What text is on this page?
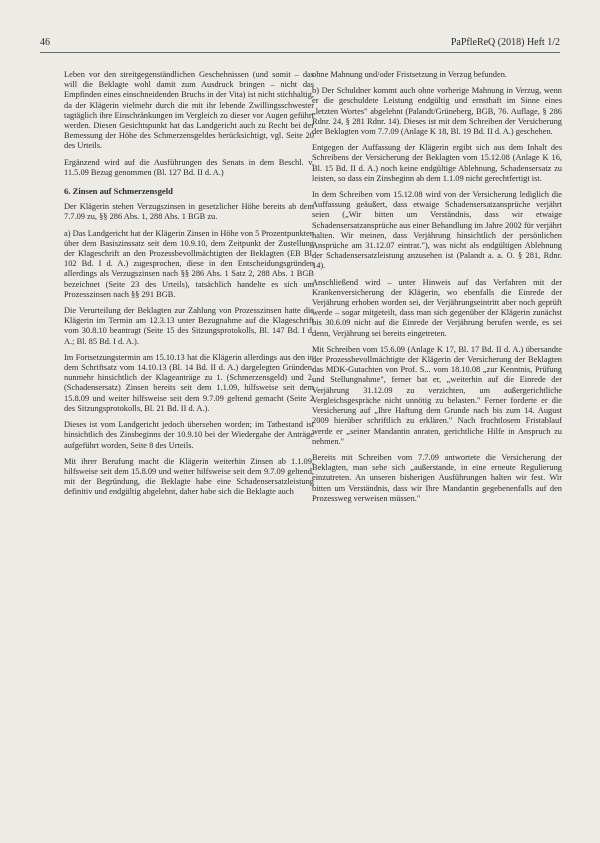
46	PaPfleReQ (2018) Heft 1/2

Leben vor den streitgegenständlichen Geschehnissen (und somit – das will die Beklagte wohl damit zum Ausdruck bringen – nicht das Empfinden eines einschneidenden Bruchs in der Vita) ist nicht stichhaltig, da der Klägerin vielmehr durch die mit ihr lebende Zwillingsschwester tagtäglich ihre Einschränkungen im Vergleich zu dieser vor Augen geführt werden. Diesen Gesichtspunkt hat das Landgericht auch zu Recht bei der Bemessung der Höhe des Schmerzensgeldes berücksichtigt, vgl. Seite 20 des Urteils.

Ergänzend wird auf die Ausführungen des Senats in dem Beschl. v. 11.5.09 Bezug genommen (Bl. 127 Bd. II d. A.)

6. Zinsen auf Schmerzensgeld

Der Klägerin stehen Verzugszinsen in gesetzlicher Höhe bereits ab dem 7.7.09 zu, §§ 286 Abs. 1, 288 Abs. 1 BGB zu.

a) Das Landgericht hat der Klägerin Zinsen in Höhe von 5 Prozentpunkten über dem Basiszinssatz seit dem 10.9.10, dem Zeitpunkt der Zustellung der Klageschrift an den Prozessbevollmächtigten der Beklagten (EB Bl. 102 Bd. I d. A.) zugesprochen, diese in den Entscheidungsgründen allerdings als Verzugszinsen nach §§ 286 Abs. 1 Satz 2, 288 Abs. 1 BGB bezeichnet (Seite 23 des Urteils), tatsächlich handelte es sich um Prozesszinsen nach §§ 291 BGB.

Die Verurteilung der Beklagten zur Zahlung von Prozesszinsen hatte die Klägerin im Termin am 12.3.13 unter Bezugnahme auf die Klageschrift vom 30.8.10 beantragt (Seite 15 des Sitzungsprotokolls, Bl. 147 Bd. I d. A.; Bl. 85 Bd. I d. A.).

Im Fortsetzungstermin am 15.10.13 hat die Klägerin allerdings aus den in dem Schriftsatz vom 14.10.13 (Bl. 14 Bd. II d. A.) dargelegten Gründen, nunmehr hinsichtlich der Klageanträge zu 1. (Schmerzensgeld) und 2. (Schadensersatz) Zinsen bereits seit dem 1.1.09, hilfsweise seit dem 15.8.09 und weiter hilfsweise seit dem 9.7.09 geltend gemacht (Seite 2 des Sitzungsprotokolls, Bl. 21 Bd. II d. A.).

Dieses ist vom Landgericht jedoch übersehen worden; im Tatbestand ist hinsichtlich des Zinsbeginns der 10.9.10 bei der Wiedergabe der Anträge aufgeführt worden, Seite 8 des Urteils.

Mit ihrer Berufung macht die Klägerin weiterhin Zinsen ab 1.1.09, hilfsweise seit dem 15.8.09 und weiter hilfsweise seit dem 9.7.09 geltend, mit der Begründung, die Beklagte habe eine Schadensersatzleistung definitiv und endgültig abgelehnt, daher habe sich die Beklagte auch

ohne Mahnung und/oder Fristsetzung in Verzug befunden.

b) Der Schuldner kommt auch ohne vorherige Mahnung in Verzug, wenn er die geschuldete Leistung endgültig und ernsthaft im Sinne eines „letzten Wortes" abgelehnt (Palandt/Grüneberg, BGB, 76. Auflage, § 286 Rdnr. 24, § 281 Rdnr. 14). Dieses ist mit dem Schreiben der Versicherung der Beklagten vom 7.7.09 (Anlage K 18, Bl. 19 Bd. II d. A.) geschehen.

Entgegen der Auffassung der Klägerin ergibt sich aus dem Inhalt des Schreibens der Versicherung der Beklagten vom 15.12.08 (Anlage K 16, Bl. 15 Bd. II d. A.) noch keine endgültige Ablehnung, Schadensersatz zu leisten, so dass ein Zinsbeginn ab dem 1.1.09 nicht gerechtfertigt ist.

In dem Schreiben vom 15.12.08 wird von der Versicherung lediglich die Auffassung geäußert, dass etwaige Schadensersatzansprüche verjährt seien („Wir bitten um Verständnis, dass wir etwaige Schadensersatzansprüche aus einer Behandlung im Jahre 2002 für verjährt halten. Wir meinen, dass Verjährung hinsichtlich der persönlichen Ansprüche am 31.12.07 eintrat."), was nicht als endgültigen Ablehnung der Schadensersatzleistung anzusehen ist (Palandt a. a. O. § 281, Rdnr. 14).

Anschließend wird – unter Hinweis auf das Verfahren mit der Krankenversicherung der Klägerin, wo ebenfalls die Einrede der Verjährung erhoben worden sei, der Verjährungseintritt aber noch geprüft werde – sogar mitgeteilt, dass man sich gegenüber der Klägerin zunächst bis 30.6.09 nicht auf die Einrede der Verjährung berufen werde, es sei denn, Verjährung sei bereits eingetreten.

Mit Schreiben vom 15.6.09 (Anlage K 17, Bl. 17 Bd. II d. A.) übersandte der Prozessbevollmächtigte der Klägerin der Versicherung der Beklagten das MDK-Gutachten von Prof. S... vom 18.10.08 „zur Kenntnis, Prüfung und Stellungnahme", ferner bat er, „weiterhin auf die Einrede der Verjährung 31.12.09 zu verzichten, um außergerichtliche Vergleichsgespräche nicht unnötig zu belasten." Ferner forderte er die Versicherung auf „Ihre Haftung dem Grunde nach bis zum 14. August 2009 hierüber schriftlich zu erklären." Nach fruchtlosem Fristablauf werde er „seiner Mandantin anraten, gerichtliche Hilfe in Anspruch zu nehmen."

Bereits mit Schreiben vom 7.7.09 antwortete die Versicherung der Beklagten, man sehe sich „außerstande, in eine erneute Regulierung einzutreten. An unseren bisherigen Ausführungen halten wir fest. Wir bitten um Verständnis, dass wir Ihre Mandantin gegebenenfalls auf den Prozessweg verweisen müssen."
